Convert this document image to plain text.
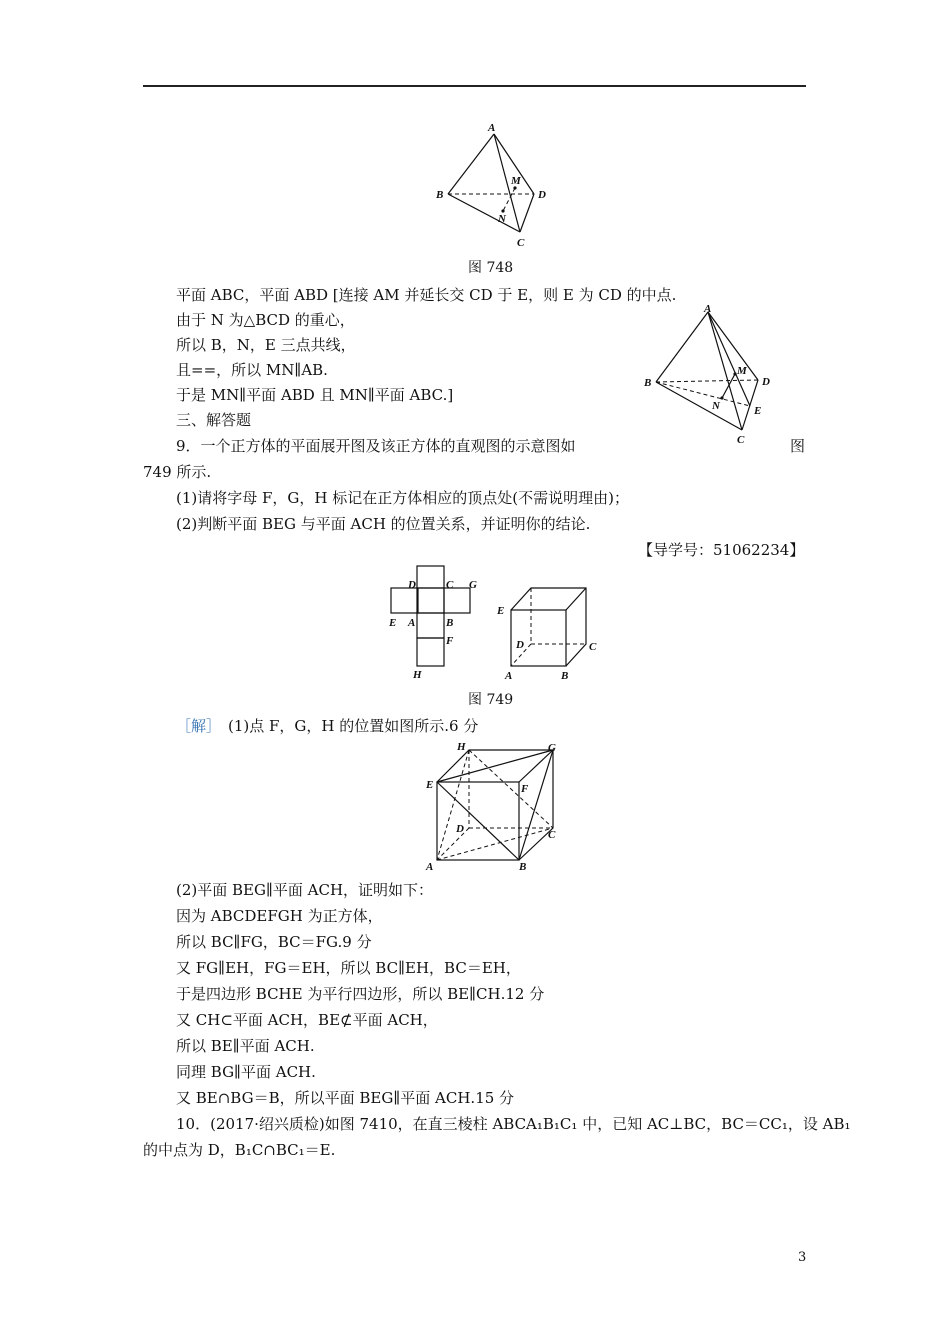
A
B	D
C
M
N
图 748
A
B	D
E
C
M
N
平面 ABC，平面 ABD [连接 AM 并延长交 CD 于 E，则 E 为 CD 的中点.
由于 N 为△BCD 的重心，
所以 B，N，E 三点共线，
且==，所以 MN∥AB.
于是 MN∥平面 ABD 且 MN∥平面 ABC.]
三、解答题
9．一个正方体的平面展开图及该正方体的直观图的示意图如	图
749 所示.
(1)请将字母 F，G，H 标记在正方体相应的顶点处(不需说明理由)；
(2)判断平面 BEG 与平面 ACH 的位置关系，并证明你的结论.
【导学号：51062234】
D	C G
E A	B
F
H
E
D	C
A	B
图 749
［解］ (1)点 F，G，H 的位置如图所示.6 分
H	G
E	F
D	C
A	B
(2)平面 BEG∥平面 ACH，证明如下：
因为 ABCDEFGH 为正方体，
所以 BC∥FG，BC＝FG.9 分
又 FG∥EH，FG＝EH，所以 BC∥EH，BC＝EH，
于是四边形 BCHE 为平行四边形，所以 BE∥CH.12 分
又 CH⊂平面 ACH，BE⊄平面 ACH，
所以 BE∥平面 ACH.
同理 BG∥平面 ACH.
又 BE∩BG＝B，所以平面 BEG∥平面 ACH.15 分
10．(2017·绍兴质检)如图 7410，在直三棱柱 ABCA₁B₁C₁ 中，已知 AC⊥BC，BC＝CC₁，设 AB₁
的中点为 D，B₁C∩BC₁＝E.
3
